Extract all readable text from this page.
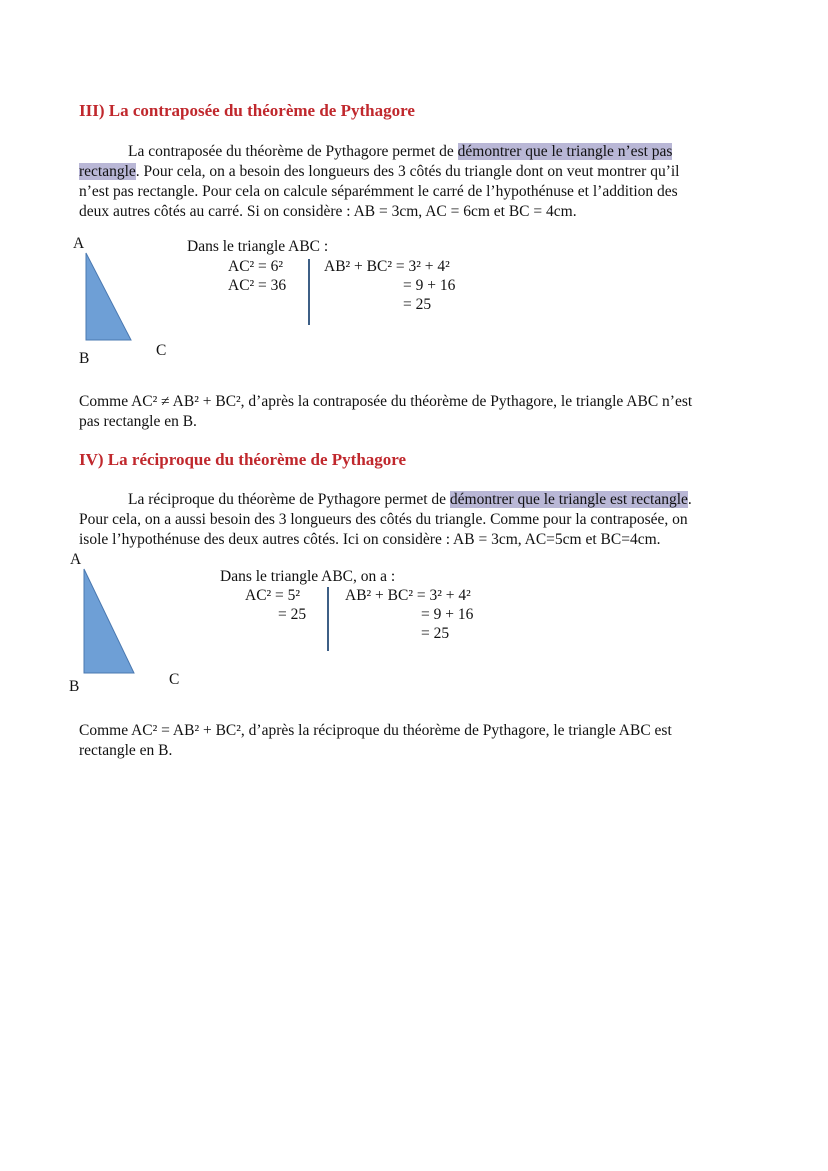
III) La contraposée du théorème de Pythagore
La contraposée du théorème de Pythagore permet de démontrer que le triangle n’est pas
rectangle. Pour cela, on a besoin des longueurs des 3 côtés du triangle dont on veut montrer qu’il
n’est pas rectangle. Pour cela on calcule séparémment le carré de l’hypothénuse et l’addition des
deux autres côtés au carré. Si on considère : AB = 3cm, AC = 6cm et BC = 4cm.
A
B	C
Dans le triangle ABC :
AC² = 6²
AC² = 36
AB² + BC² = 3² + 4²
= 9 + 16
= 25
Comme AC² ≠ AB² + BC², d’après la contraposée du théorème de Pythagore, le triangle ABC n’est
pas rectangle en B.
IV) La réciproque du théorème de Pythagore
La réciproque du théorème de Pythagore permet de démontrer que le triangle est rectangle.
Pour cela, on a aussi besoin des 3 longueurs des côtés du triangle. Comme pour la contraposée, on
isole l’hypothénuse des deux autres côtés. Ici on considère : AB = 3cm, AC=5cm et BC=4cm.
A
B	C
Dans le triangle ABC, on a :
AC² = 5²
= 25
AB² + BC² = 3² + 4²
= 9 + 16
= 25
Comme AC² = AB² + BC², d’après la réciproque du théorème de Pythagore, le triangle ABC est
rectangle en B.
